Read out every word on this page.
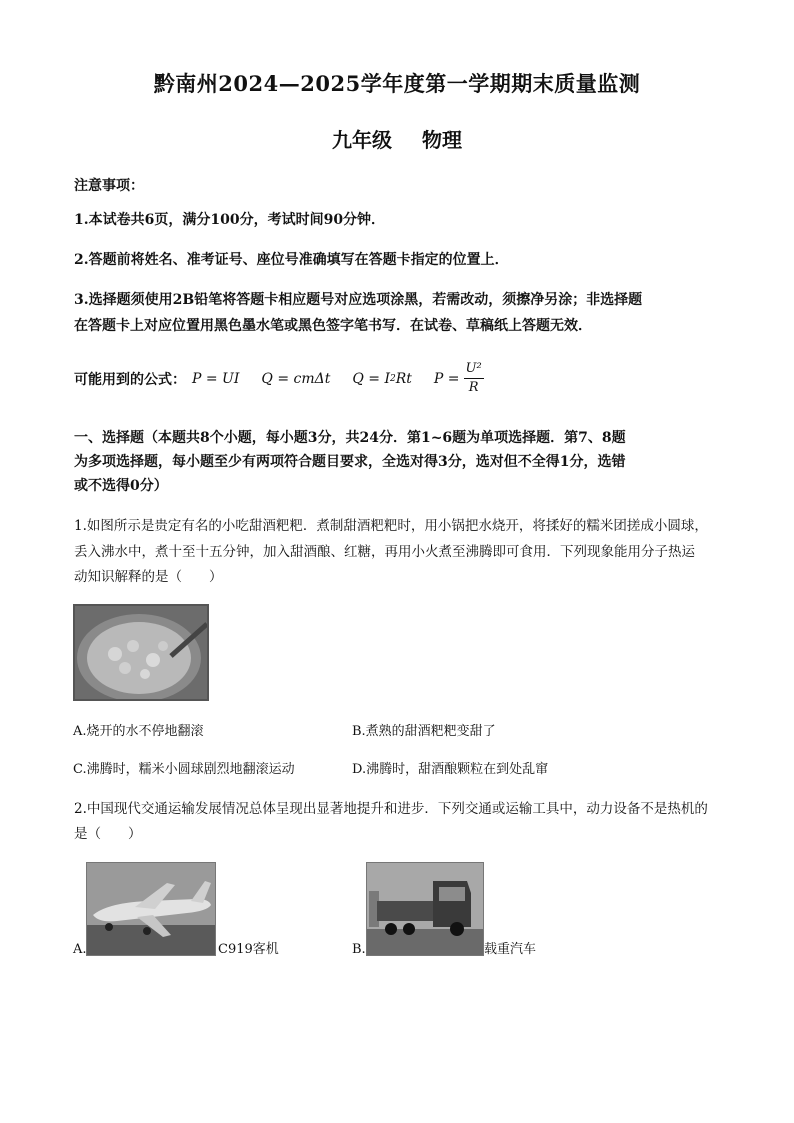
黔南州2024—2025学年度第一学期期末质量监测
九年级 物理
注意事项：
1.本试卷共6页，满分100分，考试时间90分钟．
2.答题前将姓名、准考证号、座位号准确填写在答题卡指定的位置上．
3.选择题须使用2B铅笔将答题卡相应题号对应选项涂黑，若需改动，须擦净另涂；非选择题
在答题卡上对应位置用黑色墨水笔或黑色签字笔书写．在试卷、草稿纸上答题无效．
可能用到的公式： P = UI Q = cmΔt Q = I 2 Rt $P = \frac{\text{U²}}{R}$
一、选择题（本题共8个小题，每小题3分，共24分．第1~6题为单项选择题．第7、8题
为多项选择题，每小题至少有两项符合题目要求，全选对得3分，选对但不全得1分，选错
或不选得0分）
1.如图所示是贵定有名的小吃甜酒粑粑．煮制甜酒粑粑时，用小锅把水烧开，将揉好的糯米团搓成小圆球，
丢入沸水中，煮十至十五分钟，加入甜酒酿、红糖，再用小火煮至沸腾即可食用．下列现象能用分子热运
动知识解释的是（　　）
A.烧开的水不停地翻滚	B.煮熟的甜酒粑粑变甜了
C.沸腾时，糯米小圆球剧烈地翻滚运动	D.沸腾时，甜酒酿颗粒在到处乱窜
2.中国现代交通运输发展情况总体呈现出显著地提升和进步．下列交通或运输工具中，动力设备不是热机的
是（　　）
A.	C919客机	B.	载重汽车
